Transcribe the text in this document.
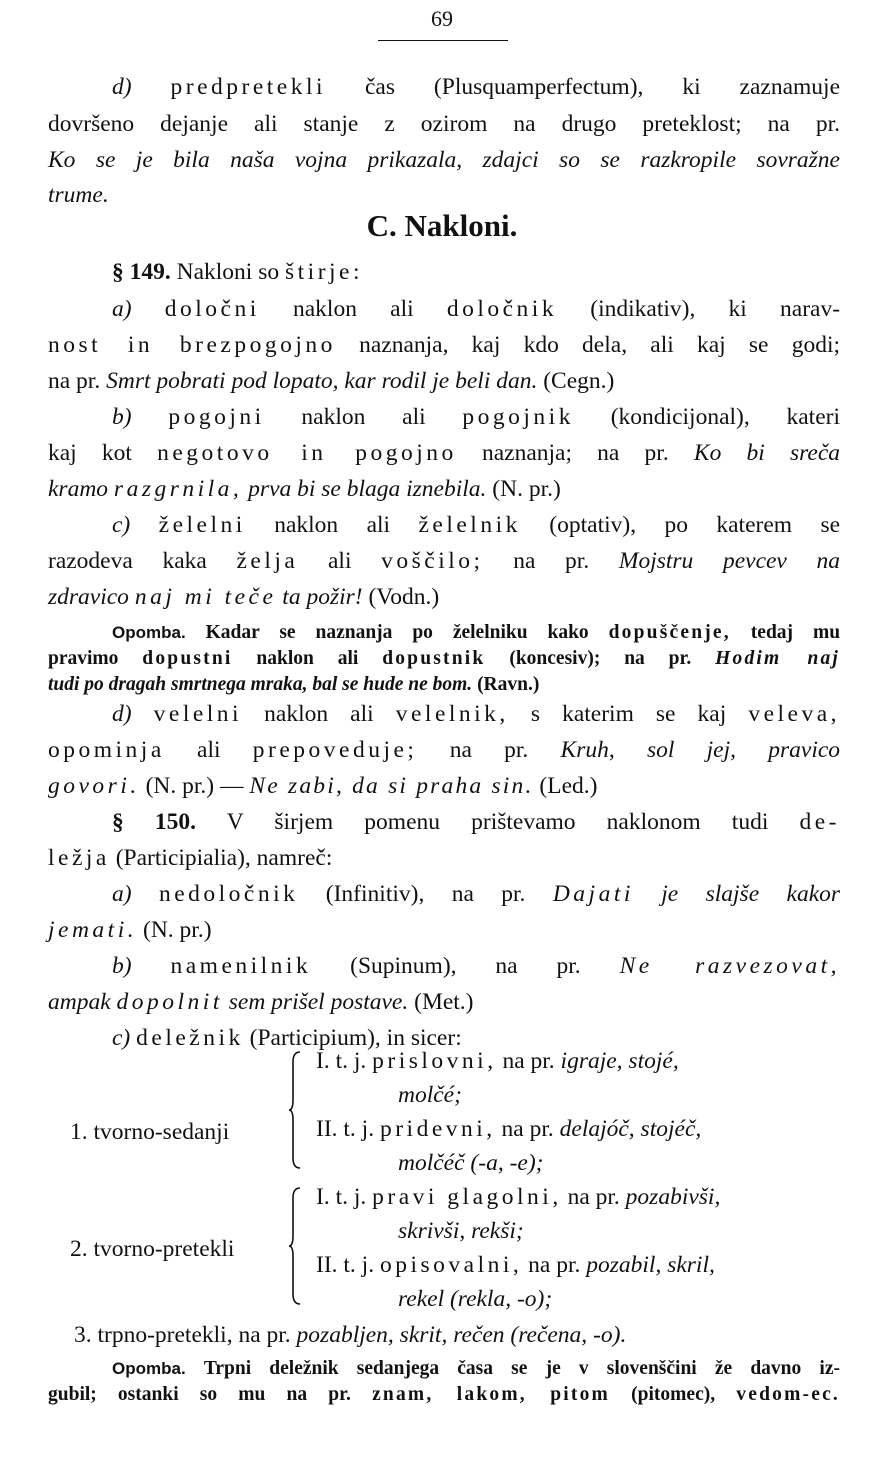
69
d) predpretekli čas (Plusquamperfectum), ki zaznamuje
dovršeno dejanje ali stanje z ozirom na drugo preteklost; na pr.
Ko se je bila naša vojna prikazala, zdajci so se razkropile sovražne
trume.
C. Nakloni.
§ 149. Nakloni so štirje:
a) določni naklon ali določnik (indikativ), ki narav-
nost in brezpogojno naznanja, kaj kdo dela, ali kaj se godi;
na pr. Smrt pobrati pod lopato, kar rodil je beli dan. (Cegn.)
b) pogojni naklon ali pogojnik (kondicijonal), kateri
kaj kot negotovo in pogojno naznanja; na pr. Ko bi sreča
kramo razgrnila, prva bi se blaga iznebila. (N. pr.)
c) želelni naklon ali želelnik (optativ), po katerem se
razodeva kaka želja ali voščilo; na pr. Mojstru pevcev na
zdravico naj mi teče ta požir! (Vodn.)
Opomba. Kadar se naznanja po želelniku kako dopuščenje, tedaj mu
pravimo dopustni naklon ali dopustnik (koncesiv); na pr. Hodim naj
tudi po dragah smrtnega mraka, bal se hude ne bom. (Ravn.)
d) velelni naklon ali velelnik, s katerim se kaj veleva,
opominja ali prepoveduje; na pr. Kruh, sol jej, pravico
govori. (N. pr.) — Ne zabi, da si praha sin. (Led.)
§ 150. V širjem pomenu prištevamo naklonom tudi de-
ležja (Participialia), namreč:
a) nedoločnik (Infinitiv), na pr. Dajati je slajše kakor
jemati. (N. pr.)
b) namenilnik (Supinum), na pr. Ne razvezovat,
ampak dopolnit sem prišel postave. (Met.)
c) deležnik (Participium), in sicer:
1. tvorno-sedanji
I. t. j. prislovni, na pr. igraje, stojé,
molčé;
II. t. j. pridevni, na pr. delajóč, stojéč,
molčéč (-a, -e);
2. tvorno-pretekli
I. t. j. pravi glagolni, na pr. pozabivši,
skrivši, rekši;
II. t. j. opisovalni, na pr. pozabil, skril,
rekel (rekla, -o);
3. trpno-pretekli, na pr. pozabljen, skrit, rečen (rečena, -o).
Opomba. Trpni deležnik sedanjega časa se je v slovenščini že davno iz-
gubil; ostanki so mu na pr. znam, lakom, pitom (pitomec), vedom-ec.
